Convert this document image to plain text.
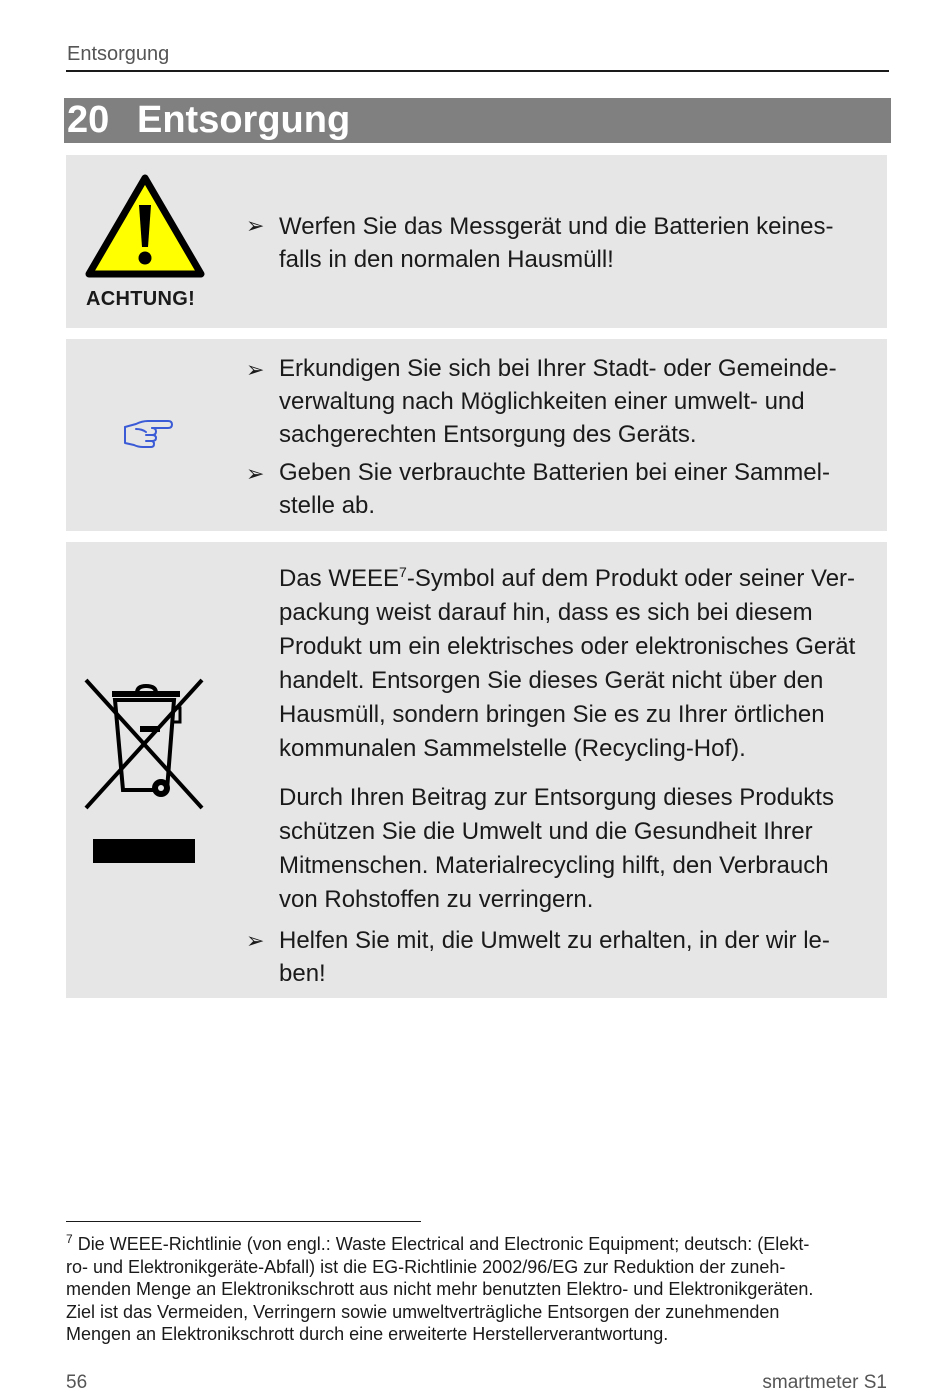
Entsorgung
20 Entsorgung
ACHTUNG!
➢ Werfen Sie das Messgerät und die Batterien keines-
falls in den normalen Hausmüll!
➢ Erkundigen Sie sich bei Ihrer Stadt- oder Gemeinde-
verwaltung nach Möglichkeiten einer umwelt- und
sachgerechten Entsorgung des Geräts.
➢ Geben Sie verbrauchte Batterien bei einer Sammel-
stelle ab.
Das WEEE$^7$-Symbol auf dem Produkt oder seiner Ver-
packung weist darauf hin, dass es sich bei diesem
Produkt um ein elektrisches oder elektronisches Gerät
handelt. Entsorgen Sie dieses Gerät nicht über den
Hausmüll, sondern bringen Sie es zu Ihrer örtlichen
kommunalen Sammelstelle (Recycling-Hof).
Durch Ihren Beitrag zur Entsorgung dieses Produkts
schützen Sie die Umwelt und die Gesundheit Ihrer
Mitmenschen. Materialrecycling hilft, den Verbrauch
von Rohstoffen zu verringern.
➢ Helfen Sie mit, die Umwelt zu erhalten, in der wir le-
ben!
$^7$ Die WEEE-Richtlinie (von engl.: Waste Electrical and Electronic Equipment; deutsch: (Elekt-
ro- und Elektronikgeräte-Abfall) ist die EG-Richtlinie 2002/96/EG zur Reduktion der zuneh-
menden Menge an Elektronikschrott aus nicht mehr benutzten Elektro- und Elektronikgeräten.
Ziel ist das Vermeiden, Verringern sowie umweltverträgliche Entsorgen der zunehmenden
Mengen an Elektronikschrott durch eine erweiterte Herstellerverantwortung.
56	smartmeter S1
